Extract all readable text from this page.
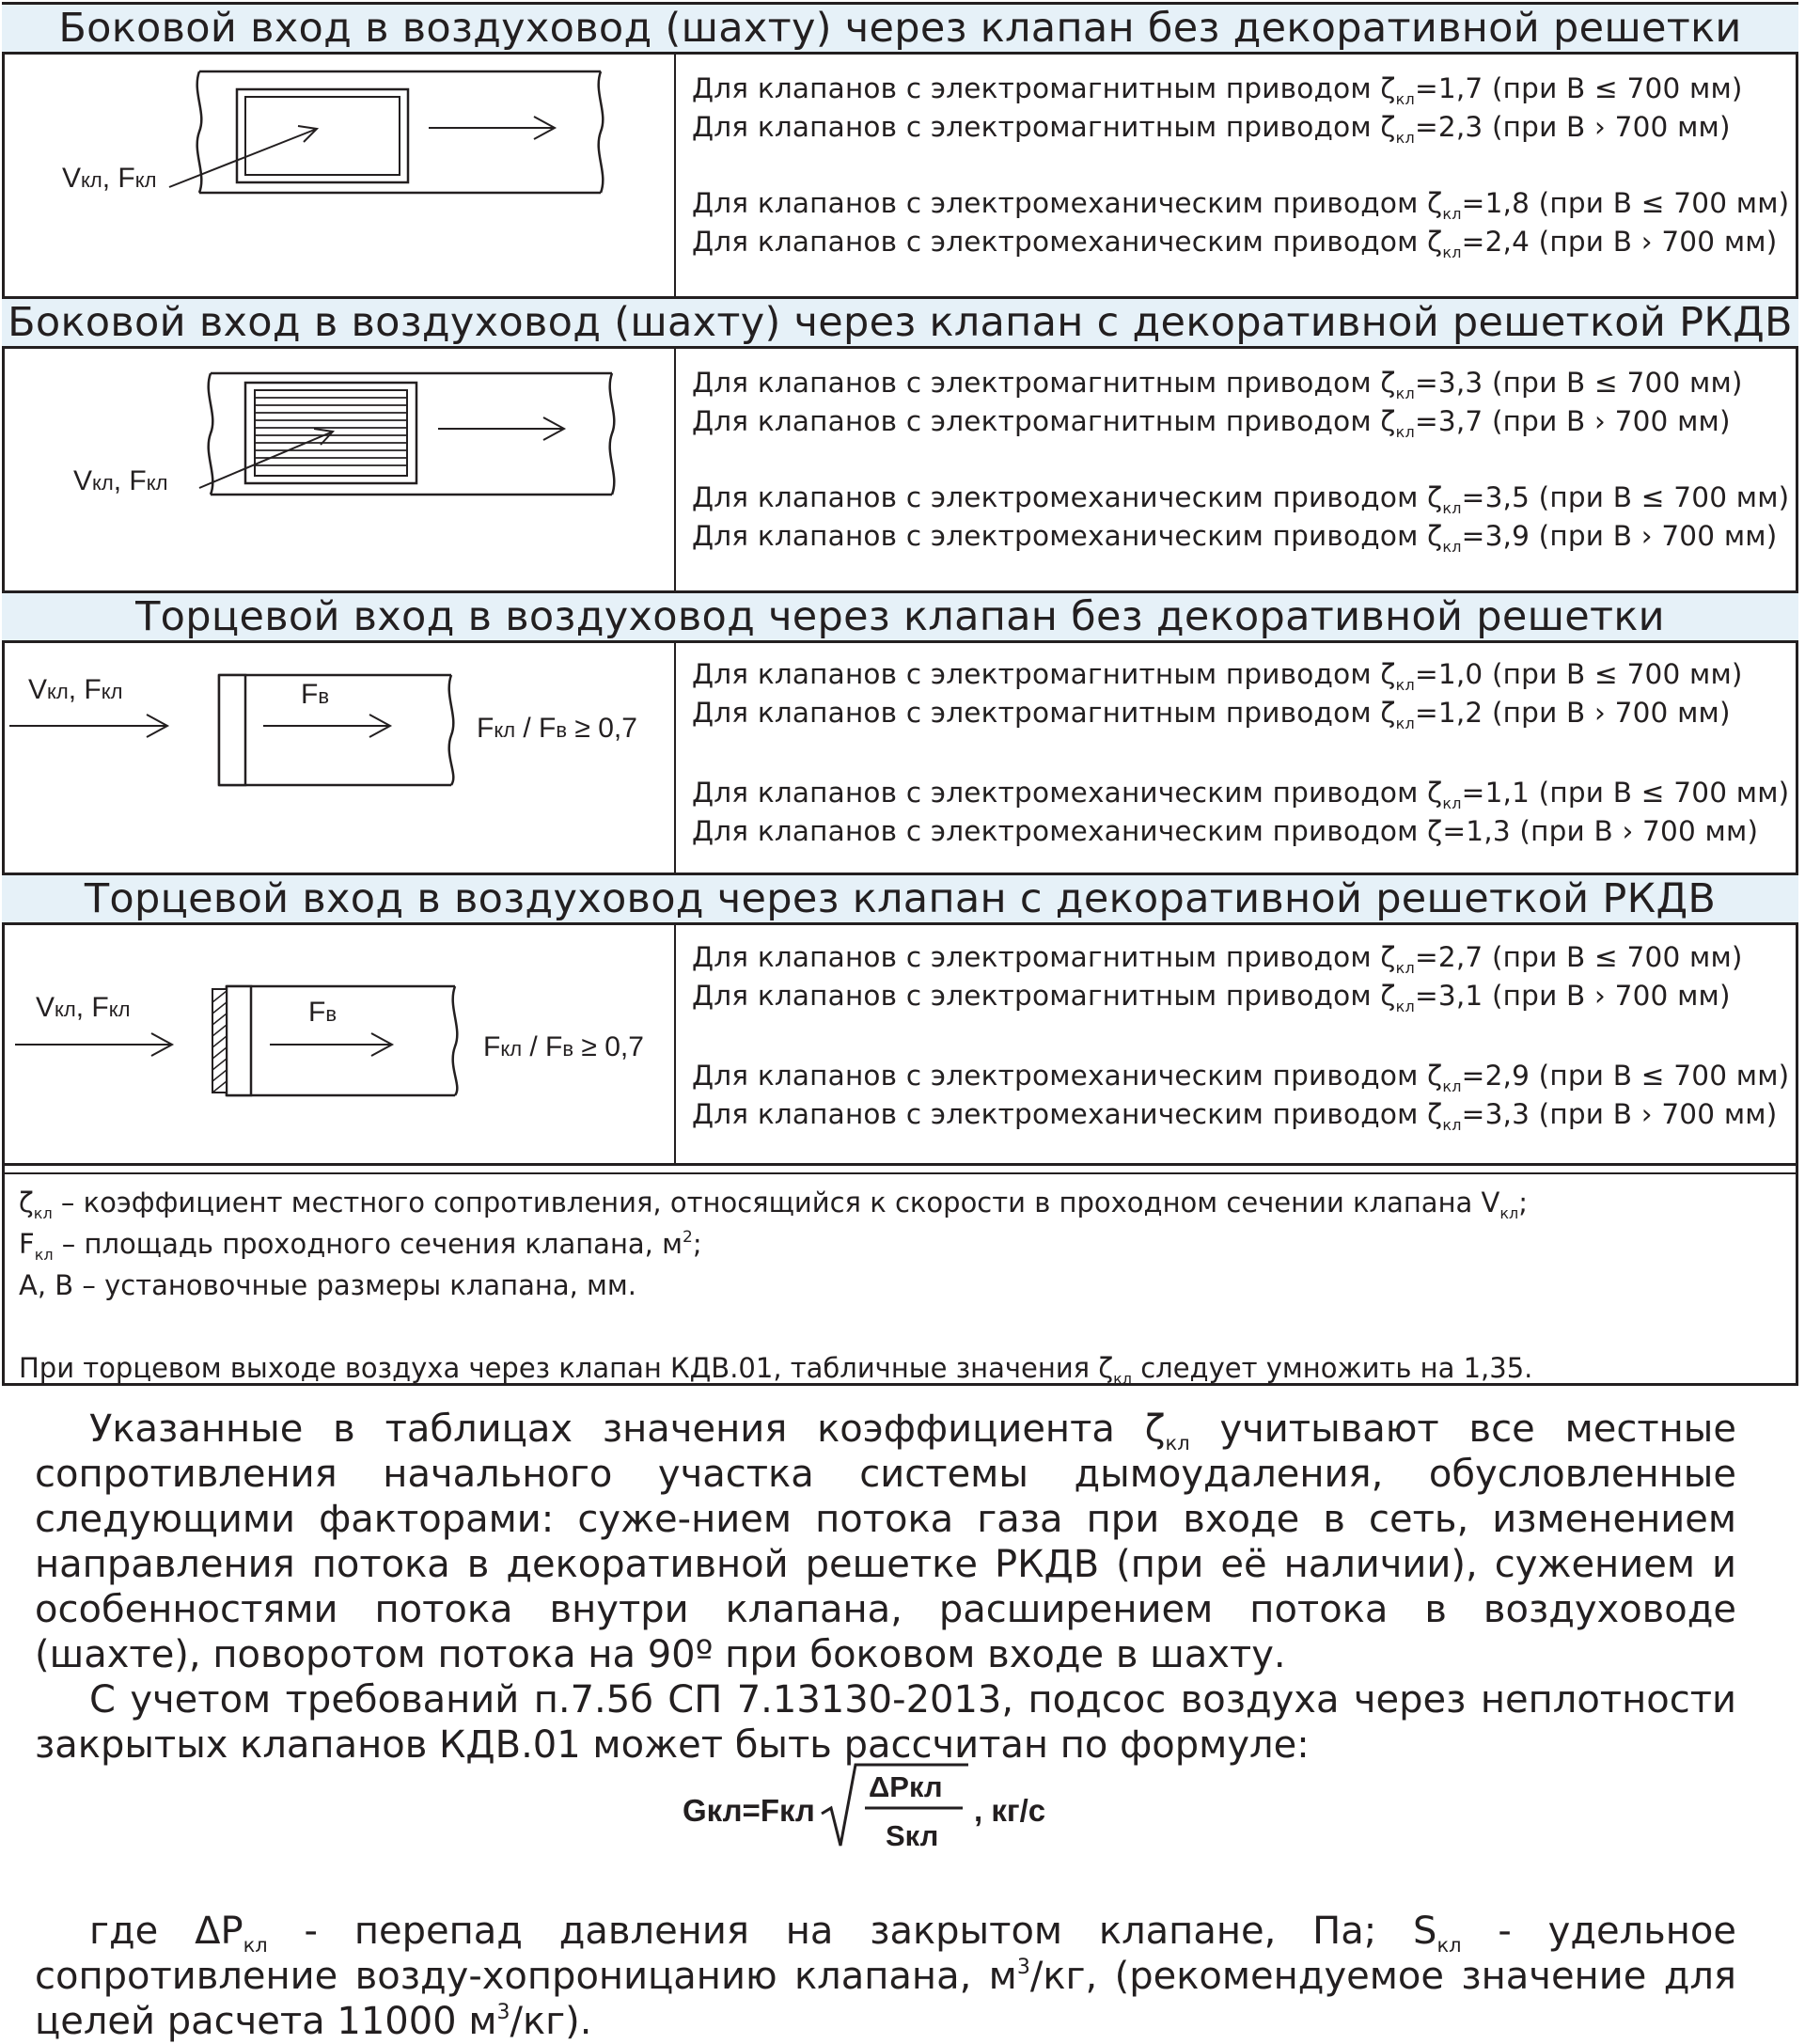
Боковой вход в воздуховод (шахту) через клапан без декоративной решетки
Vкл, Fкл
Для клапанов с электромагнитным приводом $\zeta_{кл}=1,7$ (при B ≤ 700 мм)
Для клапанов с электромагнитным приводом $\zeta_{кл}=2,3$ (при B › 700 мм)
Для клапанов с электромеханическим приводом $\zeta_{кл}=1,8$ (при B ≤ 700 мм)
Для клапанов с электромеханическим приводом $\zeta_{кл}=2,4$ (при B › 700 мм)
Боковой вход в воздуховод (шахту) через клапан с декоративной решеткой РКДВ
Vкл, Fкл
Для клапанов с электромагнитным приводом $\zeta_{кл}=3,3$ (при B ≤ 700 мм)
Для клапанов с электромагнитным приводом $\zeta_{кл}=3,7$ (при B › 700 мм)
Для клапанов с электромеханическим приводом $\zeta_{кл}=3,5$ (при B ≤ 700 мм)
Для клапанов с электромеханическим приводом $\zeta_{кл}=3,9$ (при B › 700 мм)
Торцевой вход в воздуховод через клапан без декоративной решетки
Vкл, Fкл	Fв
Fкл / Fв ≥ 0,7
Для клапанов с электромагнитным приводом $\zeta_{кл}=1,0$ (при B ≤ 700 мм)
Для клапанов с электромагнитным приводом $\zeta_{кл}=1,2$ (при B › 700 мм)
Для клапанов с электромеханическим приводом $\zeta_{кл}=1,1$ (при B ≤ 700 мм)
Для клапанов с электромеханическим приводом ζ=1,3 (при B › 700 мм)
Торцевой вход в воздуховод через клапан с декоративной решеткой РКДВ
Vкл, Fкл	Fв
Fкл / Fв ≥ 0,7
Для клапанов с электромагнитным приводом $\zeta_{кл}=2,7$ (при B ≤ 700 мм)
Для клапанов с электромагнитным приводом $\zeta_{кл}=3,1$ (при B › 700 мм)
Для клапанов с электромеханическим приводом $\zeta_{кл}=2,9$ (при B ≤ 700 мм)
Для клапанов с электромеханическим приводом $\zeta_{кл}=3,3$ (при B › 700 мм)
$\zeta_{кл}$ – коэффициент местного сопротивления, относящийся к скорости в проходном сечении клапана $V_{кл}$;
$F_{кл}$ – площадь проходного сечения клапана, $м^2$;
A, B – установочные размеры клапана, мм.
При торцевом выходе воздуха через клапан КДВ.01, табличные значения $\zeta_{кл}$ следует умножить на 1,35.

Указанные в таблицах значения коэффициента $\zeta_{кл}$ учитывают все местные сопротивления начального участка системы дымоудаления, обусловленные следующими факторами: суже-нием потока газа при входе в сеть, изменением направления потока в декоративной решетке РКДВ (при её наличии), сужением и особенностями потока внутри клапана, расширением потока в воздуховоде (шахте), поворотом потока на 90º при боковом входе в шахту.

С учетом требований п.7.5б СП 7.13130-2013, подсос воздуха через неплотности закрытых клапанов КДВ.01 может быть рассчитан по формуле:

Gкл=Fкл
ΔPкл
Sкл
, кг/с

где $\Delta P_{кл}$ - перепад давления на закрытом клапане, Па; $S_{кл}$ - удельное сопротивление возду-хопроницанию клапана, $м^3/кг$, (рекомендуемое значение для целей расчета 11000 $м^3/кг$).
